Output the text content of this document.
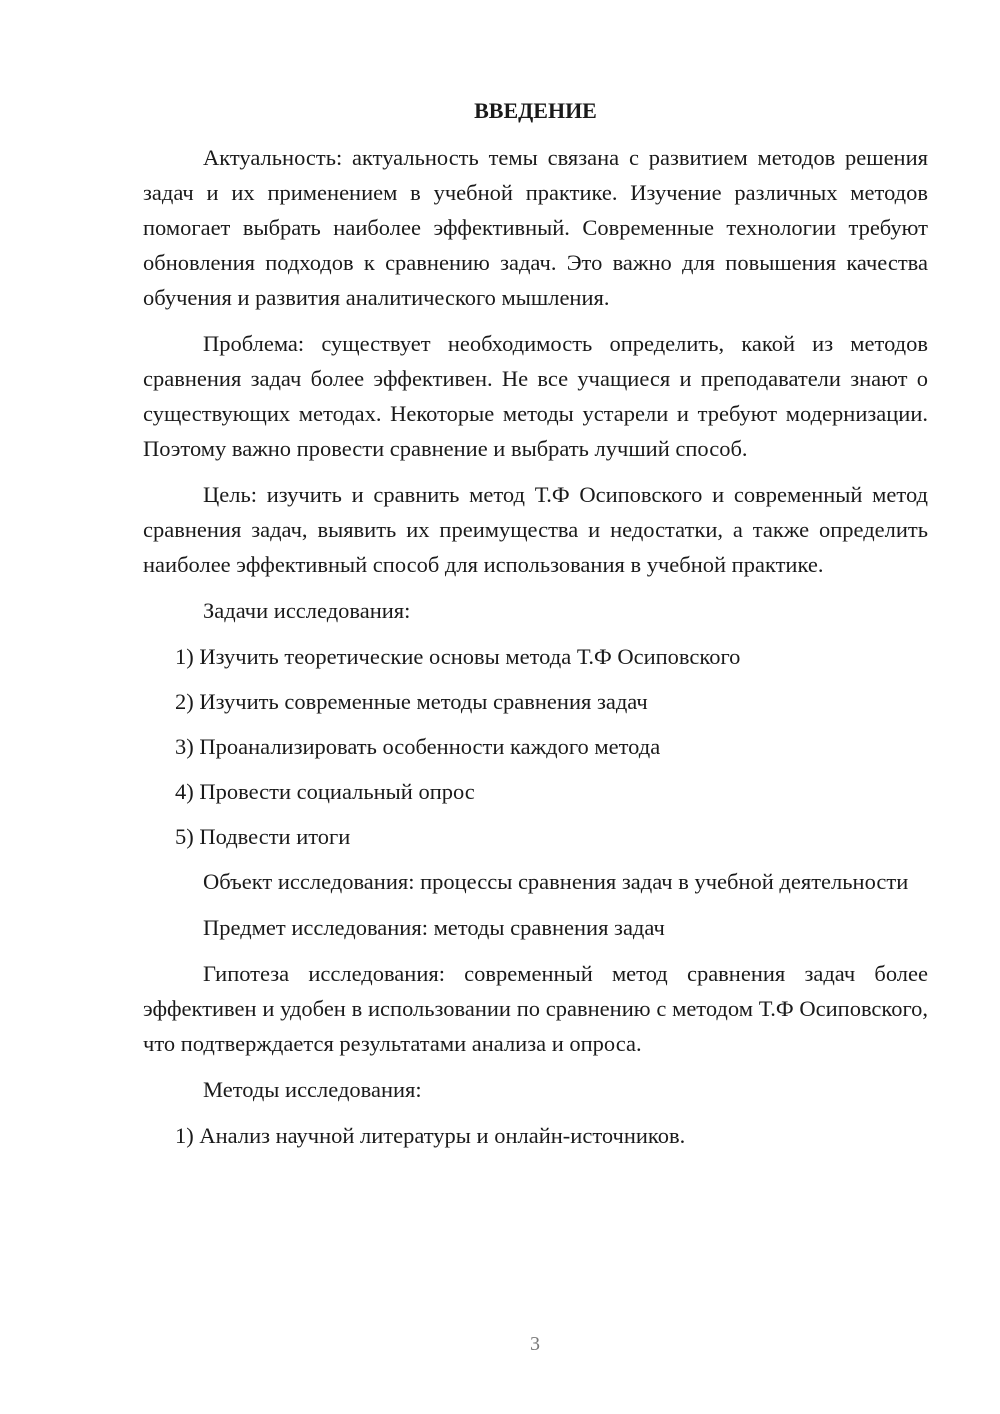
ВВЕДЕНИЕ
Актуальность: актуальность темы связана с развитием методов решения задач и их применением в учебной практике. Изучение различных методов помогает выбрать наиболее эффективный. Современные технологии требуют обновления подходов к сравнению задач. Это важно для повышения качества обучения и развития аналитического мышления.
Проблема: существует необходимость определить, какой из методов сравнения задач более эффективен. Не все учащиеся и преподаватели знают о существующих методах. Некоторые методы устарели и требуют модернизации. Поэтому важно провести сравнение и выбрать лучший способ.
Цель: изучить и сравнить метод Т.Ф Осиповского и современный метод сравнения задач, выявить их преимущества и недостатки, а также определить наиболее эффективный способ для использования в учебной практике.
Задачи исследования:
1) Изучить теоретические основы метода Т.Ф Осиповского
2) Изучить современные методы сравнения задач
3) Проанализировать особенности каждого метода
4) Провести социальный опрос
5) Подвести итоги
Объект исследования: процессы сравнения задач в учебной деятельности
Предмет исследования: методы сравнения задач
Гипотеза исследования: современный метод сравнения задач более эффективен и удобен в использовании по сравнению с методом Т.Ф Осиповского, что подтверждается результатами анализа и опроса.
Методы исследования:
1) Анализ научной литературы и онлайн-источников.
3
